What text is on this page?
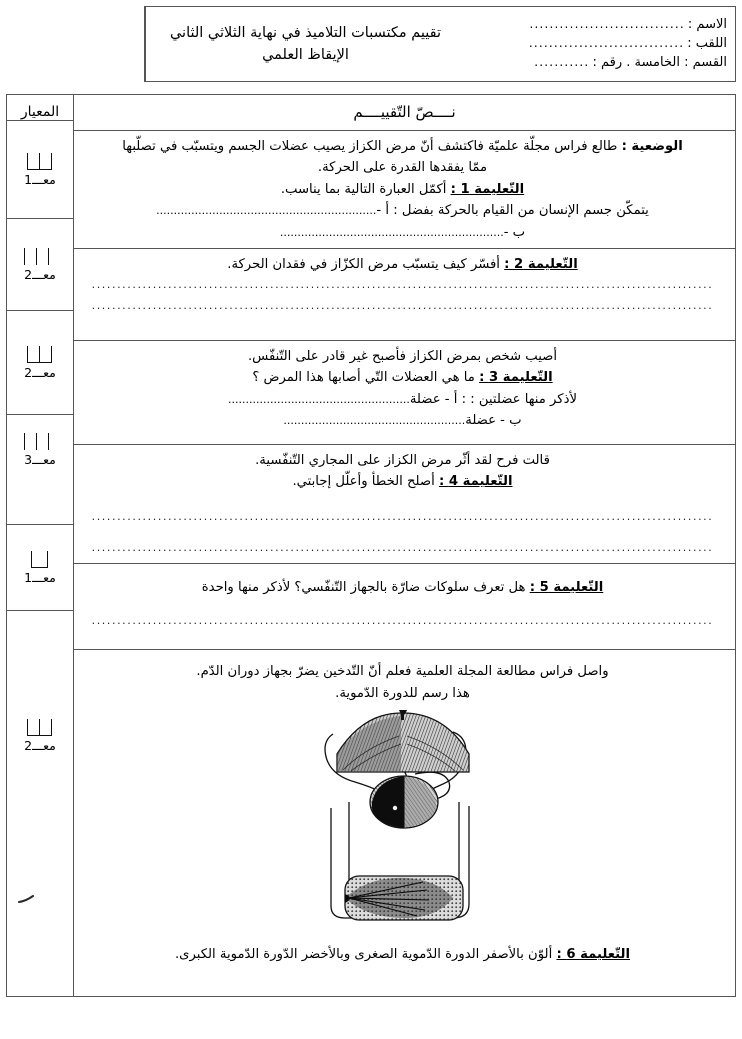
الاسم :
...............................
اللقب :
...............................
القسم : الخامسة . رقم :
...........
تقييم مكتسبات التلاميذ في نهاية الثلاثي الثاني
الإيقاظ العلمي
نــــصّ التّقييــــم
الوضعية : طالع فراس مجلّة علميّة فاكتشف أنّ مرض الكزاز يصيب عضلات الجسم ويتسبّب في تصلّبها
ممّا يفقدها القدرة على الحركة.
التّعليمة 1 : أكمّل العبارة التالية بما يناسب.
يتمكّن جسم الإنسان من القيام بالحركة بفضل : أ -...............................................................
ب -................................................................
التّعليمة 2 : أفسّر كيف يتسبّب مرض الكزّاز في فقدان الحركة.
..........................................................................................................................
..........................................................................................................................
أصيب شخص بمرض الكزاز فأصبح غير قادر على التّنفّس.
التّعليمة 3 : ما هي العضلات التّي أصابها هذا المرض ؟
لأذكر منها عضلتين : : أ - عضلة....................................................
ب - عضلة....................................................
قالت فرح لقد أثّر مرض الكزاز على المجاري التّنفّسية.
التّعليمة 4 : أصلح الخطأ وأعلّل إجابتي.
..........................................................................................................................
..........................................................................................................................
التّعليمة 5 : هل تعرف سلوكات ضارّة بالجهاز التّنفّسي؟ لأذكر منها واحدة
..........................................................................................................................
واصل فراس مطالعة المجلة العلمية فعلم أنّ التّدخين يضرّ بجهاز دوران الدّم.
هذا رسم للدورة الدّموية.
التّعليمة 6 : ألوّن بالأصفر الدورة الدّموية الصغرى وبالأخضر الدّورة الدّموية الكبرى.
المعيار
معـــ1
معـــ2
معـــ2
معـــ3
معـــ1
معـــ2
